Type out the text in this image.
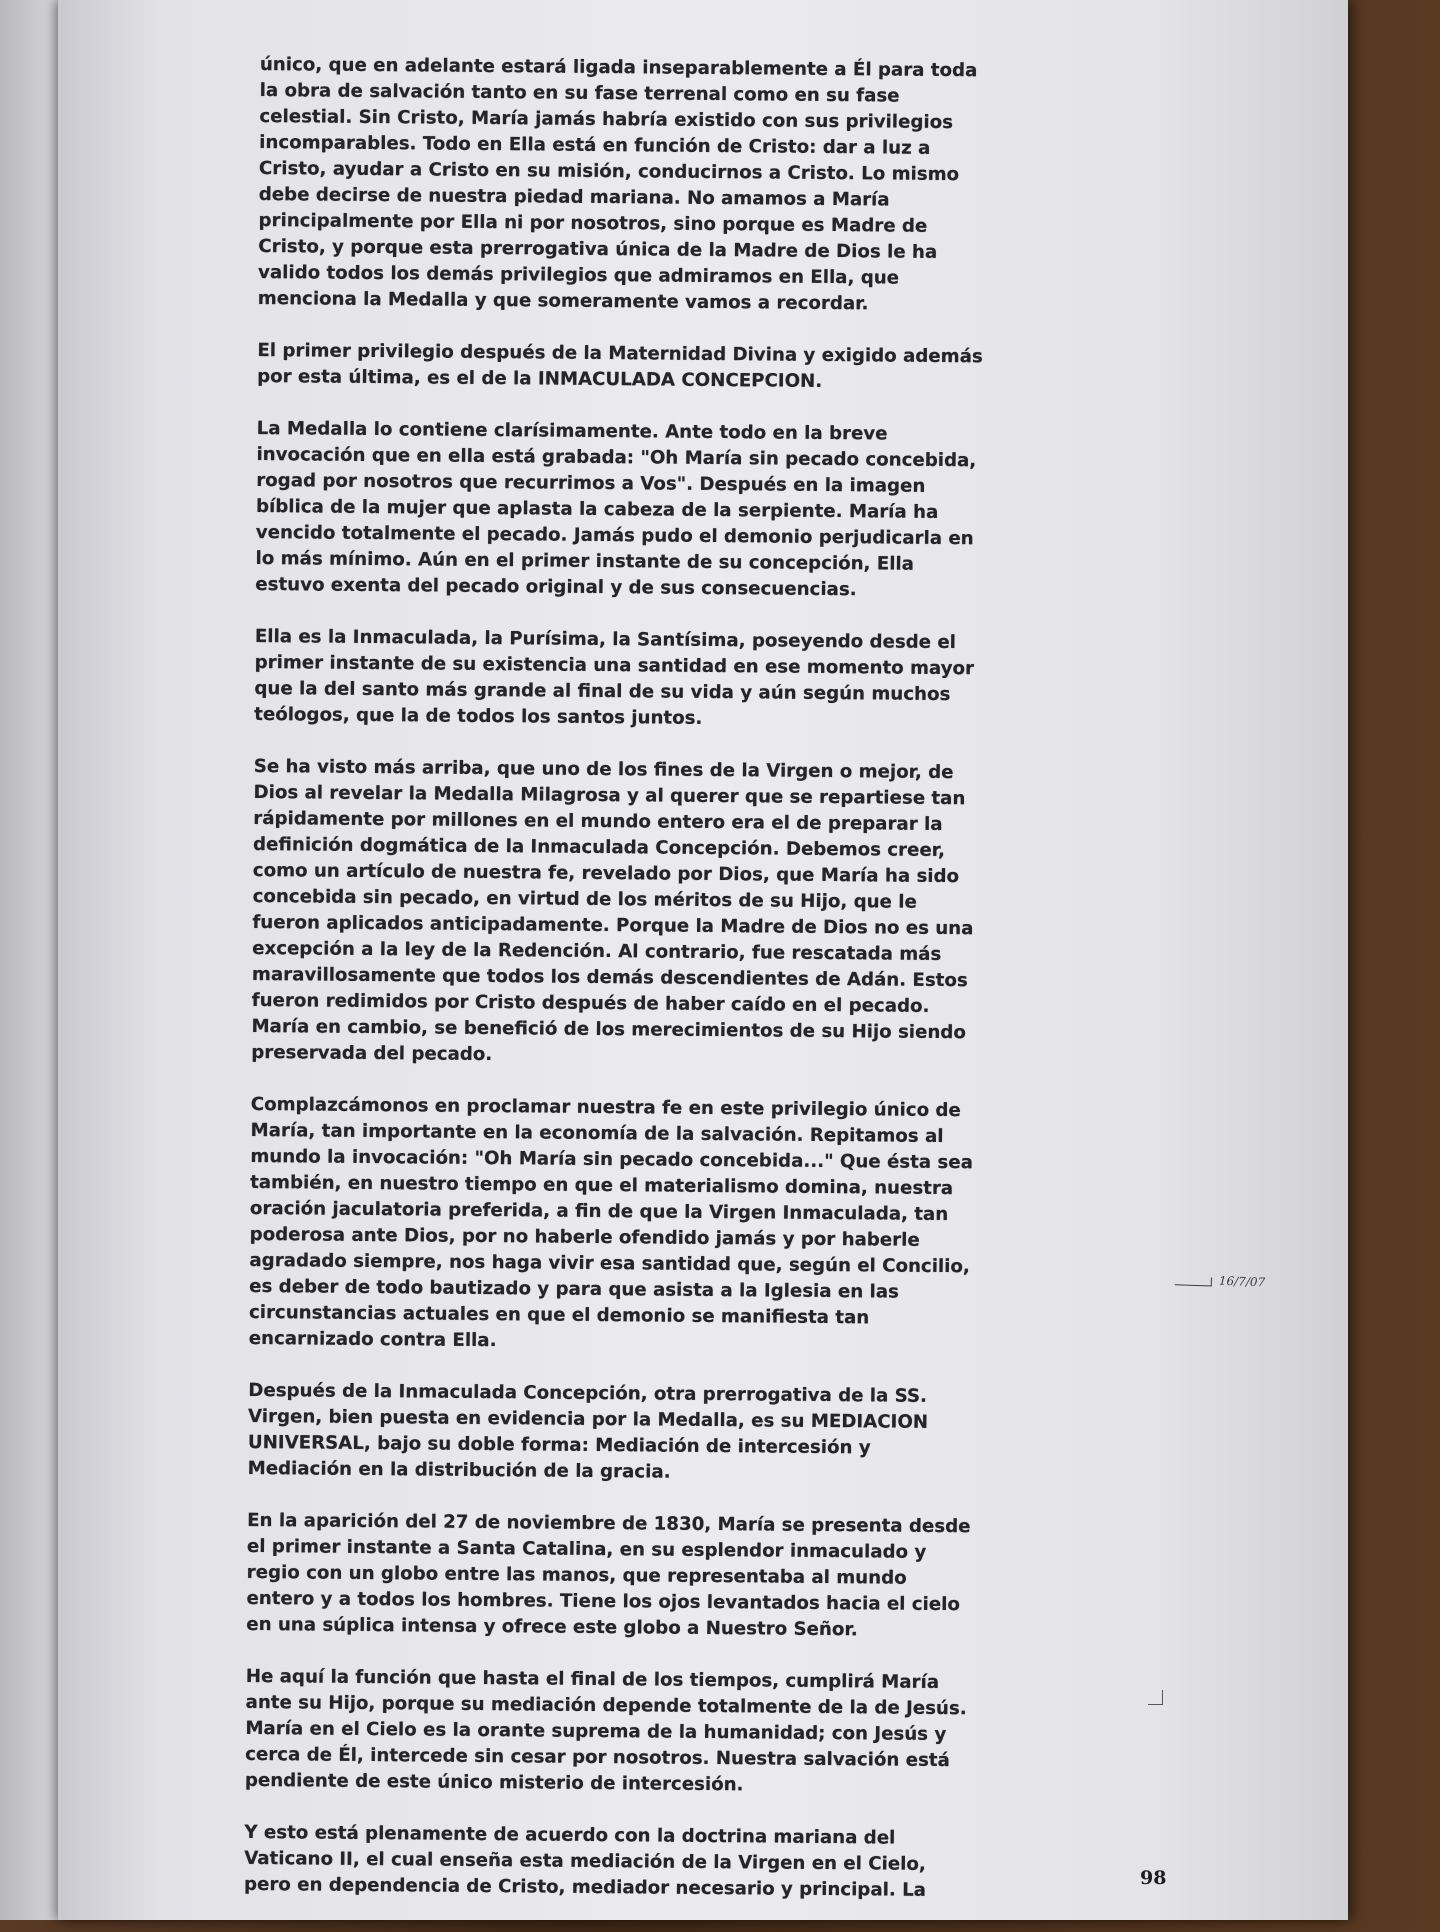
único, que en adelante estará ligada inseparablemente a Él para toda
la obra de salvación tanto en su fase terrenal como en su fase
celestial. Sin Cristo, María jamás habría existido con sus privilegios
incomparables. Todo en Ella está en función de Cristo: dar a luz a
Cristo, ayudar a Cristo en su misión, conducirnos a Cristo. Lo mismo
debe decirse de nuestra piedad mariana. No amamos a María
principalmente por Ella ni por nosotros, sino porque es Madre de
Cristo, y porque esta prerrogativa única de la Madre de Dios le ha
valido todos los demás privilegios que admiramos en Ella, que
menciona la Medalla y que someramente vamos a recordar.
El primer privilegio después de la Maternidad Divina y exigido además
por esta última, es el de la INMACULADA CONCEPCION.
La Medalla lo contiene clarísimamente. Ante todo en la breve
invocación que en ella está grabada: "Oh María sin pecado concebida,
rogad por nosotros que recurrimos a Vos". Después en la imagen
bíblica de la mujer que aplasta la cabeza de la serpiente. María ha
vencido totalmente el pecado. Jamás pudo el demonio perjudicarla en
lo más mínimo. Aún en el primer instante de su concepción, Ella
estuvo exenta del pecado original y de sus consecuencias.
Ella es la Inmaculada, la Purísima, la Santísima, poseyendo desde el
primer instante de su existencia una santidad en ese momento mayor
que la del santo más grande al final de su vida y aún según muchos
teólogos, que la de todos los santos juntos.
Se ha visto más arriba, que uno de los fines de la Virgen o mejor, de
Dios al revelar la Medalla Milagrosa y al querer que se repartiese tan
rápidamente por millones en el mundo entero era el de preparar la
definición dogmática de la Inmaculada Concepción. Debemos creer,
como un artículo de nuestra fe, revelado por Dios, que María ha sido
concebida sin pecado, en virtud de los méritos de su Hijo, que le
fueron aplicados anticipadamente. Porque la Madre de Dios no es una
excepción a la ley de la Redención. Al contrario, fue rescatada más
maravillosamente que todos los demás descendientes de Adán. Estos
fueron redimidos por Cristo después de haber caído en el pecado.
María en cambio, se benefició de los merecimientos de su Hijo siendo
preservada del pecado.
Complazcámonos en proclamar nuestra fe en este privilegio único de
María, tan importante en la economía de la salvación. Repitamos al
mundo la invocación: "Oh María sin pecado concebida..." Que ésta sea
también, en nuestro tiempo en que el materialismo domina, nuestra
oración jaculatoria preferida, a fin de que la Virgen Inmaculada, tan
poderosa ante Dios, por no haberle ofendido jamás y por haberle
agradado siempre, nos haga vivir esa santidad que, según el Concilio,
es deber de todo bautizado y para que asista a la Iglesia en las
circunstancias actuales en que el demonio se manifiesta tan
encarnizado contra Ella.
Después de la Inmaculada Concepción, otra prerrogativa de la SS.
Virgen, bien puesta en evidencia por la Medalla, es su MEDIACION
UNIVERSAL, bajo su doble forma: Mediación de intercesión y
Mediación en la distribución de la gracia.
En la aparición del 27 de noviembre de 1830, María se presenta desde
el primer instante a Santa Catalina, en su esplendor inmaculado y
regio con un globo entre las manos, que representaba al mundo
entero y a todos los hombres. Tiene los ojos levantados hacia el cielo
en una súplica intensa y ofrece este globo a Nuestro Señor.
He aquí la función que hasta el final de los tiempos, cumplirá María
ante su Hijo, porque su mediación depende totalmente de la de Jesús.
María en el Cielo es la orante suprema de la humanidad; con Jesús y
cerca de Él, intercede sin cesar por nosotros. Nuestra salvación está
pendiente de este único misterio de intercesión.
Y esto está plenamente de acuerdo con la doctrina mariana del
Vaticano II, el cual enseña esta mediación de la Virgen en el Cielo,
pero en dependencia de Cristo, mediador necesario y principal. La
16/7/07
98
